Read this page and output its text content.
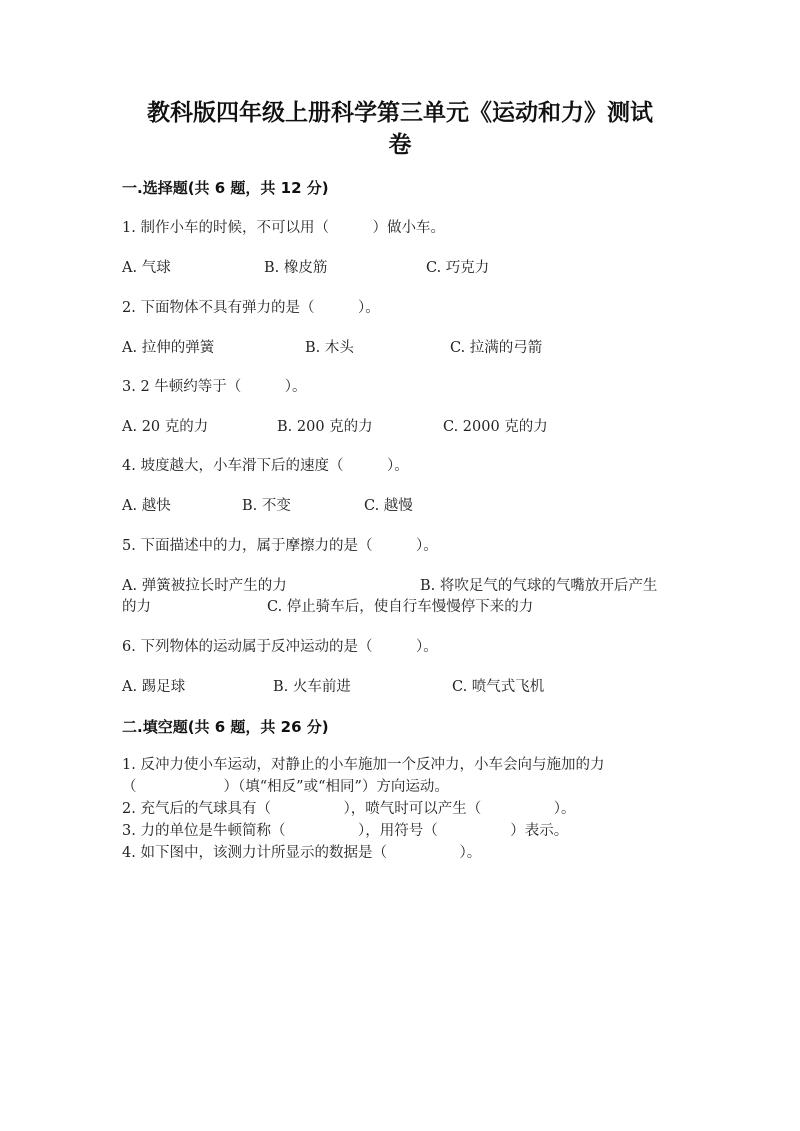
教科版四年级上册科学第三单元《运动和力》测试
卷
一.选择题(共 6 题，共 12 分)
1. 制作小车的时候，不可以用（　　　）做小车。
A. 气球	B. 橡皮筋	C. 巧克力
2. 下面物体不具有弹力的是（　　　）。
A. 拉伸的弹簧	B. 木头	C. 拉满的弓箭
3. 2 牛顿约等于（　　　）。
A. 20 克的力	B. 200 克的力	C. 2000 克的力
4. 坡度越大，小车滑下后的速度（　　　）。
A. 越快	B. 不变	C. 越慢
5. 下面描述中的力，属于摩擦力的是（　　　）。
A. 弹簧被拉长时产生的力	B. 将吹足气的气球的气嘴放开后产生
的力	C. 停止骑车后，使自行车慢慢停下来的力
6. 下列物体的运动属于反冲运动的是（　　　）。
A. 踢足球	B. 火车前进	C. 喷气式飞机
二.填空题(共 6 题，共 26 分)
1. 反冲力使小车运动，对静止的小车施加一个反冲力，小车会向与施加的力
（　　　　　　）（填“相反”或“相同”）方向运动。
2. 充气后的气球具有（　　　　　），喷气时可以产生（　　　　　）。
3. 力的单位是牛顿简称（　　　　　），用符号（　　　　　）表示。
4. 如下图中，该测力计所显示的数据是（　　　　　）。
